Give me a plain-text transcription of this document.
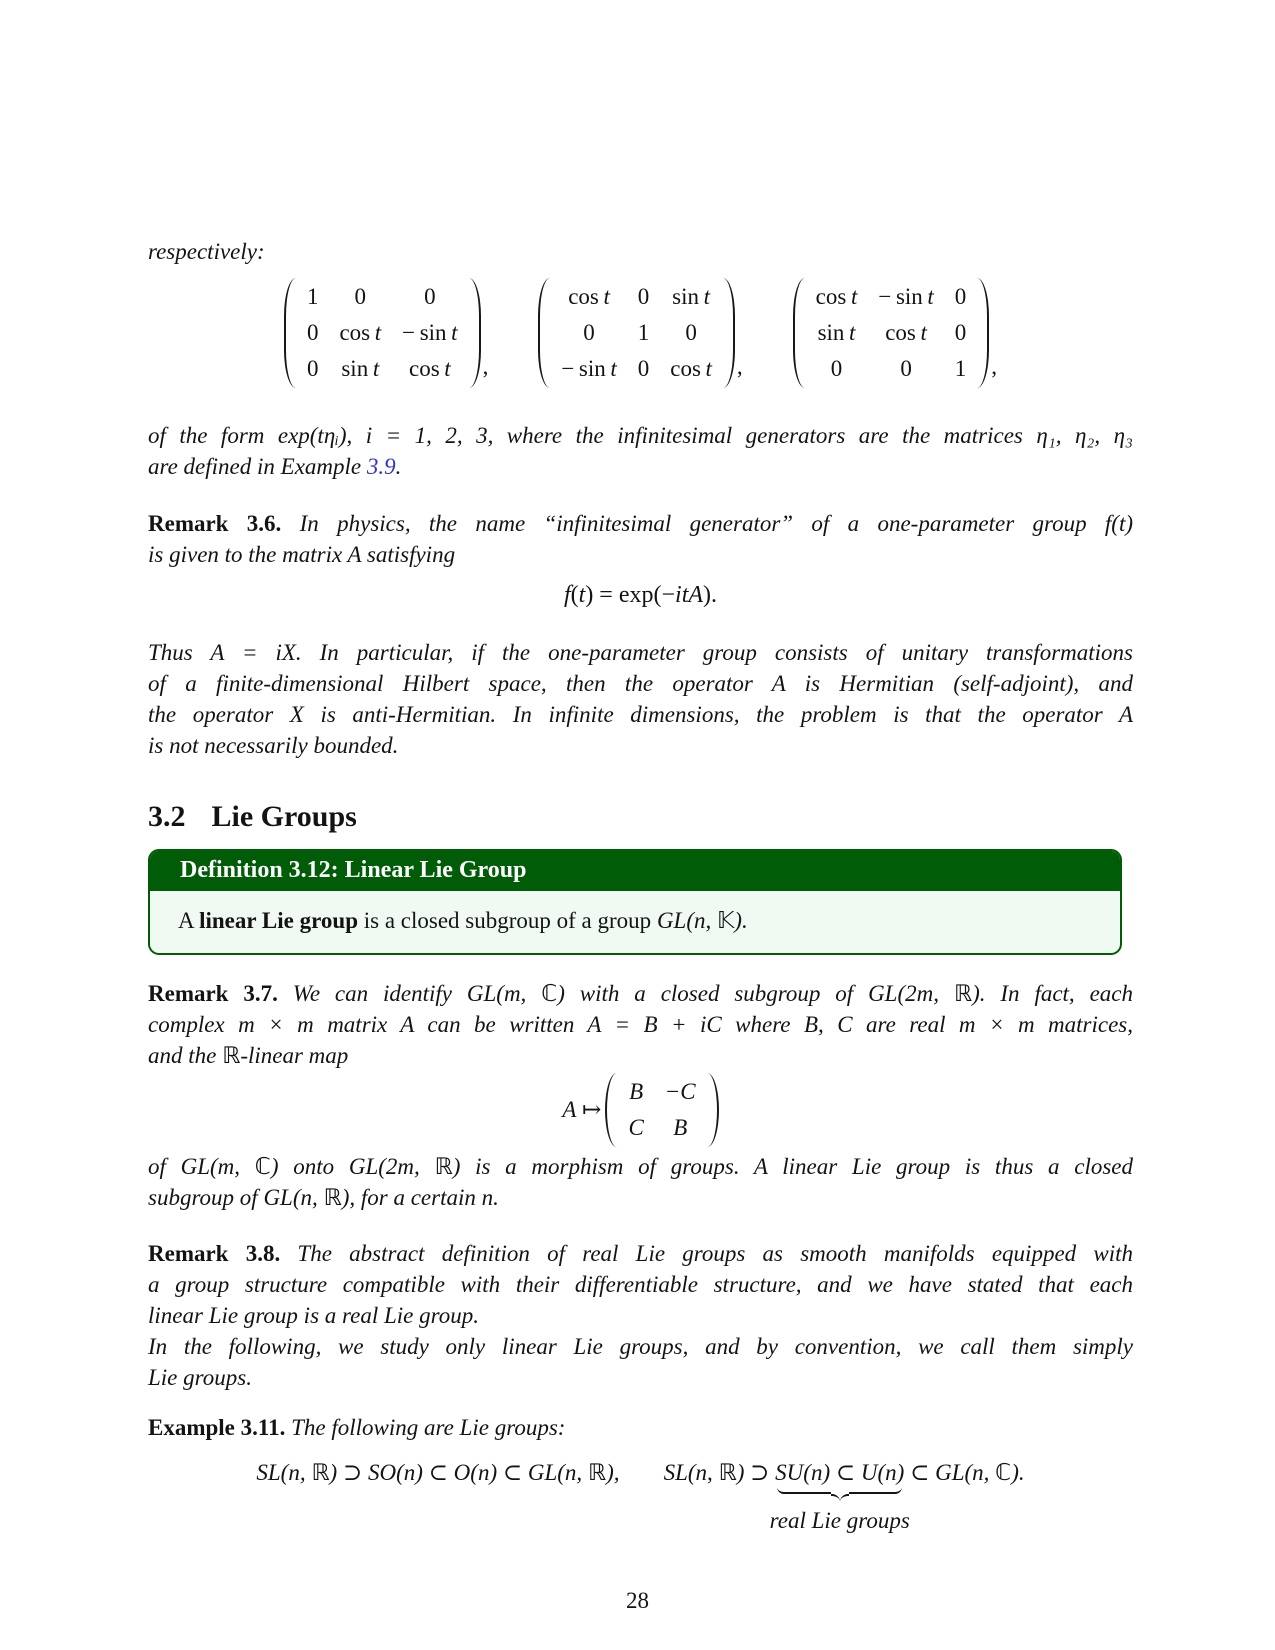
respectively:
1 0	0
0 cos  t −  sin  t
0 sin  t cos  t ,
cos  t 0 sin  t
0 1 0
−  sin  t 0 cos  t ,
cos  t −  sin  t 0
sin  t cos  t 0
0	0 1 ,
of the form exp(tηᵢ), i = 1, 2, 3, where the infinitesimal generators are the matrices η₁, η₂, η₃
are defined in Example 3.9.
Remark 3.6. In physics, the name “infinitesimal generator” of a one-parameter group f(t)
is given to the matrix A satisfying
f(t) = exp(−itA).
Thus A = iX. In particular, if the one-parameter group consists of unitary transformations
of a finite-dimensional Hilbert space, then the operator A is Hermitian (self-adjoint), and
the operator X is anti-Hermitian. In infinite dimensions, the problem is that the operator A
is not necessarily bounded.
3.2 Lie Groups
Definition 3.12: Linear Lie Group
A linear Lie group is a closed subgroup of a group GL(n, 𝕂).
Remark 3.7. We can identify GL(m, ℂ) with a closed subgroup of GL(2m, ℝ). In fact, each
complex m × m matrix A can be written A = B + iC where B, C are real m × m matrices,
and the ℝ-linear map
A ↦
B −C
C B
of GL(m, ℂ) onto GL(2m, ℝ) is a morphism of groups. A linear Lie group is thus a closed
subgroup of GL(n, ℝ), for a certain n.
Remark 3.8. The abstract definition of real Lie groups as smooth manifolds equipped with
a group structure compatible with their differentiable structure, and we have stated that each
linear Lie group is a real Lie group.
In the following, we study only linear Lie groups, and by convention, we call them simply
Lie groups.
Example 3.11. The following are Lie groups:
SL(n, ℝ) ⊃ SO(n) ⊂ O(n) ⊂ GL(n, ℝ), SL(n, ℝ) ⊃ SU(n) ⊂ U(n)
real Lie groups
⊂ GL(n, ℂ).
28
